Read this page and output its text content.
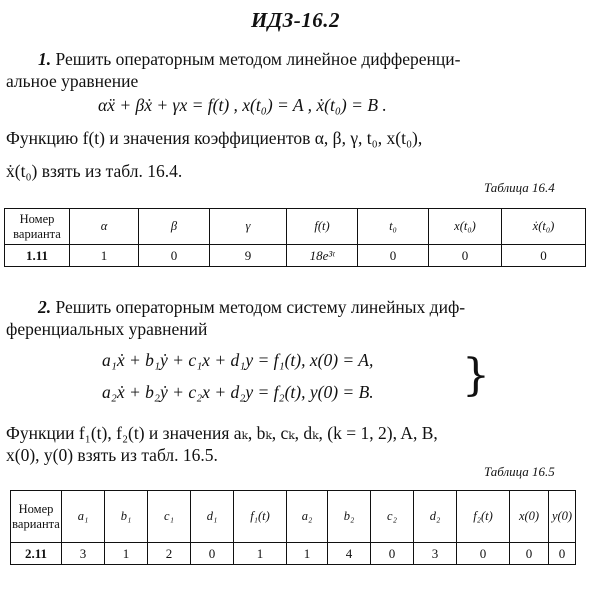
ИДЗ-16.2
1. Решить операторным методом линейное дифференци-
альное уравнение
αẍ + βẋ + γx = f(t) , x(t₀) = A , ẋ(t₀) = B .
Функцию f(t) и значения коэффициентов α, β, γ, t₀, x(t₀),
ẋ(t₀) взять из табл. 16.4.
Таблица 16.4
Номер варианта	α	β	γ	f(t)	t₀	x(t₀)	ẋ(t₀)
1.11	1	0	9	18e³ᵗ	0	0	0
2. Решить операторным методом систему линейных диф-
ференциальных уравнений
a₁ẋ + b₁ẏ + c₁x + d₁y = f₁(t), x(0) = A,
a₂ẋ + b₂ẏ + c₂x + d₂y = f₂(t), y(0) = B. }
Функции f₁(t), f₂(t) и значения aₖ, bₖ, cₖ, dₖ, (k = 1, 2), A, B,
x(0), y(0) взять из табл. 16.5.
Таблица 16.5
Номер варианта	a₁	b₁	c₁	d₁	f₁(t)	a₂	b₂	c₂	d₂	f₂(t)	x(0)	y(0)
2.11	3	1	2	0	1	1	4	0	3	0	0	0
